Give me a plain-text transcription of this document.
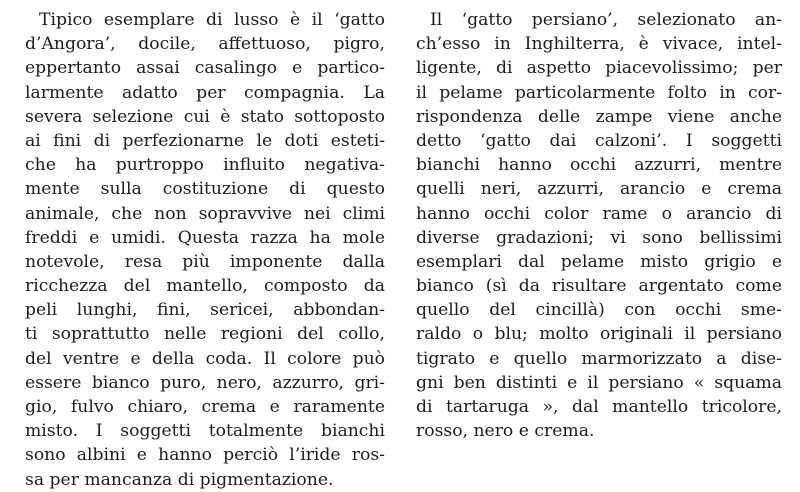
Tipico esemplare di lusso è il ‘gatto
d’Angora’, docile, affettuoso, pigro,
eppertanto assai casalingo e partico-
larmente adatto per compagnia. La
severa selezione cui è stato sottoposto
ai fini di perfezionarne le doti esteti-
che ha purtroppo influito negativa-
mente sulla costituzione di questo
animale, che non sopravvive nei climi
freddi e umidi. Questa razza ha mole
notevole, resa più imponente dalla
ricchezza del mantello, composto da
peli lunghi, fini, sericei, abbondan-
ti soprattutto nelle regioni del collo,
del ventre e della coda. Il colore può
essere bianco puro, nero, azzurro, gri-
gio, fulvo chiaro, crema e raramente
misto. I soggetti totalmente bianchi
sono albini e hanno perciò l’iride ros-
sa per mancanza di pigmentazione.
Il ‘gatto persiano’, selezionato an-
ch’esso in Inghilterra, è vivace, intel-
ligente, di aspetto piacevolissimo; per
il pelame particolarmente folto in cor-
rispondenza delle zampe viene anche
detto ‘gatto dai calzoni’. I soggetti
bianchi hanno occhi azzurri, mentre
quelli neri, azzurri, arancio e crema
hanno occhi color rame o arancio di
diverse gradazioni; vi sono bellissimi
esemplari dal pelame misto grigio e
bianco (sì da risultare argentato come
quello del cincillà) con occhi sme-
raldo o blu; molto originali il persiano
tigrato e quello marmorizzato a dise-
gni ben distinti e il persiano « squama
di tartaruga », dal mantello tricolore,
rosso, nero e crema.
